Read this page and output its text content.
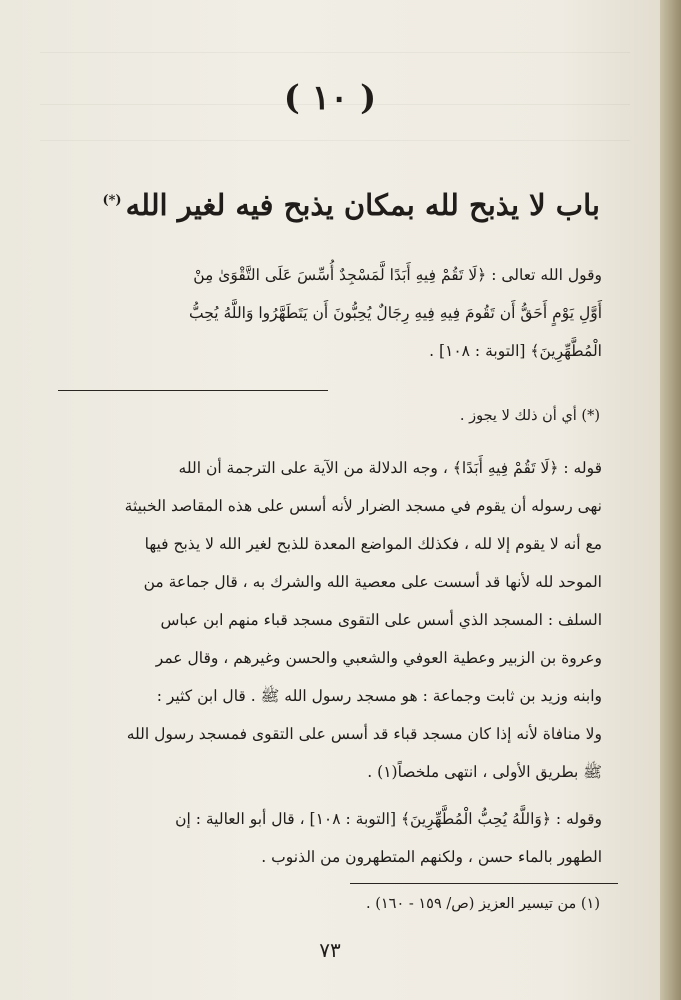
( ١٠ )
باب لا يذبح لله بمكان يذبح فيه لغير الله(*)
وقول الله تعالى : ﴿لَا تَقُمْ فِيهِ أَبَدًا لَّمَسْجِدٌ أُسِّسَ عَلَى التَّقْوَىٰ مِنْ
أَوَّلِ يَوْمٍ أَحَقُّ أَن تَقُومَ فِيهِ فِيهِ رِجَالٌ يُحِبُّونَ أَن يَتَطَهَّرُوا وَاللَّهُ يُحِبُّ
الْمُطَّهِّرِينَ﴾ [التوبة : ١٠٨] .
(*) أي أن ذلك لا يجوز .
قوله : ﴿لَا تَقُمْ فِيهِ أَبَدًا﴾ ، وجه الدلالة من الآية على الترجمة أن الله
نهى رسوله أن يقوم في مسجد الضرار لأنه أسس على هذه المقاصد الخبيثة
مع أنه لا يقوم إلا لله ، فكذلك المواضع المعدة للذبح لغير الله لا يذبح فيها
الموحد لله لأنها قد أسست على معصية الله والشرك به ، قال جماعة من
السلف : المسجد الذي أسس على التقوى مسجد قباء منهم ابن عباس
وعروة بن الزبير وعطية العوفي والشعبي والحسن وغيرهم ، وقال عمر
وابنه وزيد بن ثابت وجماعة : هو مسجد رسول الله ﷺ . قال ابن كثير :
ولا منافاة لأنه إذا كان مسجد قباء قد أسس على التقوى فمسجد رسول الله
ﷺ بطريق الأولى ، انتهى ملخصاً(١) .
وقوله : ﴿وَاللَّهُ يُحِبُّ الْمُطَّهِّرِينَ﴾ [التوبة : ١٠٨] ، قال أبو العالية : إن
الطهور بالماء حسن ، ولكنهم المتطهرون من الذنوب .
(١) من تيسير العزيز (ص/ ١٥٩ - ١٦٠) .
٧٣
